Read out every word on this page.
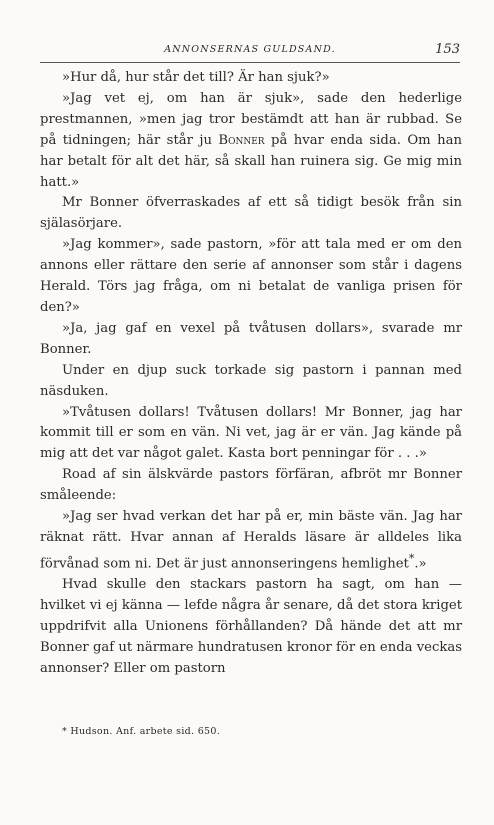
ANNONSERNAS GULDSAND.	153

»Hur då, hur står det till? Är han sjuk?»

»Jag vet ej, om han är sjuk», sade den hederlige prestmannen, »men jag tror bestämdt att han är rubbad. Se på tidningen; här står ju Bonner på hvar enda sida. Om han har betalt för alt det här, så skall han ruinera sig. Ge mig min hatt.»

Mr Bonner öfverraskades af ett så tidigt besök från sin själasörjare.

»Jag kommer», sade pastorn, »för att tala med er om den annons eller rättare den serie af annonser som står i dagens Herald. Törs jag fråga, om ni betalat de vanliga prisen för den?»

»Ja, jag gaf en vexel på tvåtusen dollars», svarade mr Bonner.

Under en djup suck torkade sig pastorn i pannan med näsduken.

»Tvåtusen dollars! Tvåtusen dollars! Mr Bonner, jag har kommit till er som en vän. Ni vet, jag är er vän. Jag kände på mig att det var något galet. Kasta bort penningar för . . .»

Road af sin älskvärde pastors förfäran, afbröt mr Bonner småleende:

»Jag ser hvad verkan det har på er, min bäste vän. Jag har räknat rätt. Hvar annan af Heralds läsare är alldeles lika förvånad som ni. Det är just annonseringens hemlighet*.»

Hvad skulle den stackars pastorn ha sagt, om han — hvilket vi ej känna — lefde några år senare, då det stora kriget uppdrifvit alla Unionens förhållanden? Då hände det att mr Bonner gaf ut närmare hundratusen kronor för en enda veckas annonser? Eller om pastorn

* Hudson. Anf. arbete sid. 650.
